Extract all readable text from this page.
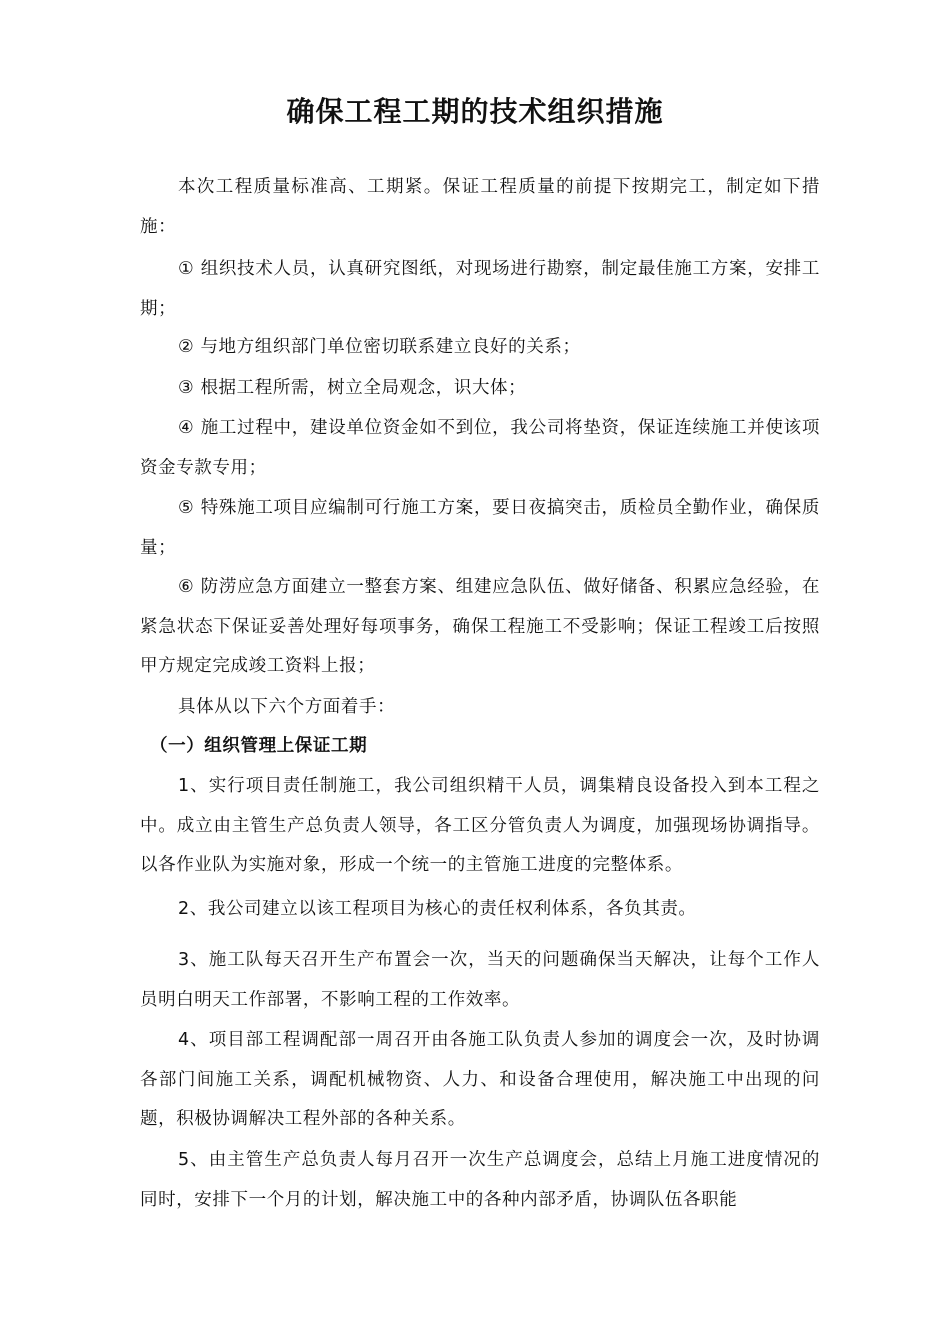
确保工程工期的技术组织措施
本次工程质量标准高、工期紧。保证工程质量的前提下按期完工，制定如下措施：
① 组织技术人员，认真研究图纸，对现场进行勘察，制定最佳施工方案，安排工期；
② 与地方组织部门单位密切联系建立良好的关系；
③ 根据工程所需，树立全局观念，识大体；
④ 施工过程中，建设单位资金如不到位，我公司将垫资，保证连续施工并使该项资金专款专用；
⑤ 特殊施工项目应编制可行施工方案，要日夜搞突击，质检员全勤作业，确保质量；
⑥ 防涝应急方面建立一整套方案、组建应急队伍、做好储备、积累应急经验，在紧急状态下保证妥善处理好每项事务，确保工程施工不受影响；保证工程竣工后按照甲方规定完成竣工资料上报；
具体从以下六个方面着手：
（一）组织管理上保证工期
1、实行项目责任制施工，我公司组织精干人员，调集精良设备投入到本工程之中。成立由主管生产总负责人领导，各工区分管负责人为调度，加强现场协调指导。以各作业队为实施对象，形成一个统一的主管施工进度的完整体系。
2、我公司建立以该工程项目为核心的责任权利体系，各负其责。
3、施工队每天召开生产布置会一次，当天的问题确保当天解决，让每个工作人员明白明天工作部署，不影响工程的工作效率。
4、项目部工程调配部一周召开由各施工队负责人参加的调度会一次，及时协调各部门间施工关系，调配机械物资、人力、和设备合理使用，解决施工中出现的问题，积极协调解决工程外部的各种关系。
5、由主管生产总负责人每月召开一次生产总调度会，总结上月施工进度情况的同时，安排下一个月的计划，解决施工中的各种内部矛盾，协调队伍各职能
